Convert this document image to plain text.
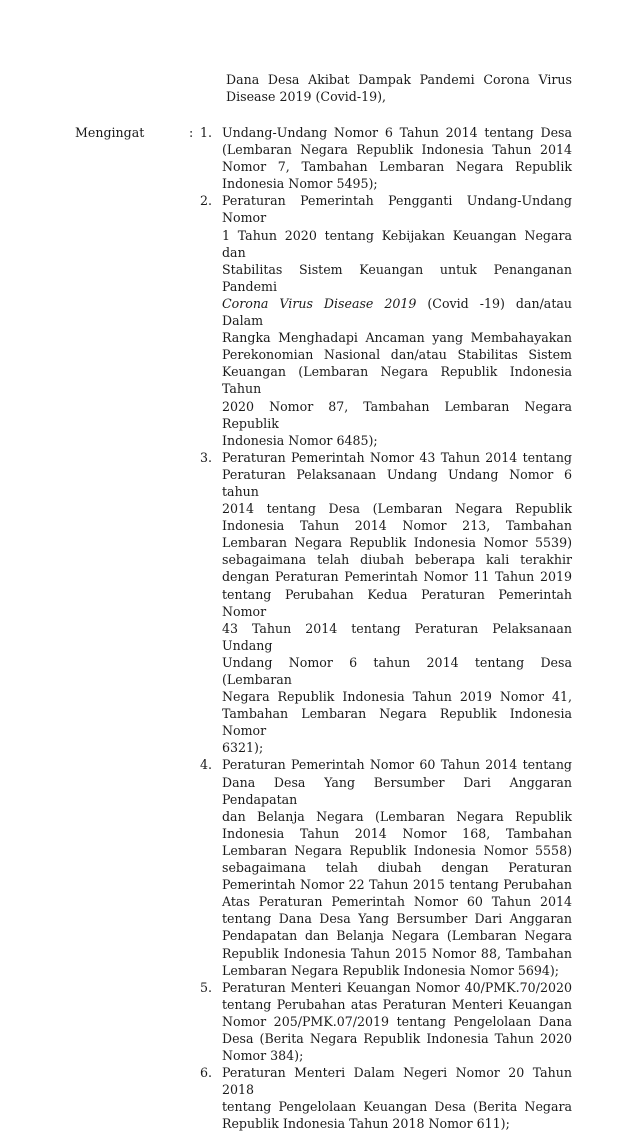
Dana Desa Akibat Dampak Pandemi Corona Virus
Disease 2019 (Covid-19),
Mengingat	: 1. Undang-Undang Nomor 6 Tahun 2014 tentang Desa
(Lembaran Negara Republik Indonesia Tahun 2014
Nomor 7, Tambahan Lembaran Negara Republik
Indonesia Nomor 5495);
2. Peraturan Pemerintah Pengganti Undang-Undang Nomor
1 Tahun 2020 tentang Kebijakan Keuangan Negara dan
Stabilitas Sistem Keuangan untuk Penanganan Pandemi
Corona Virus Disease 2019 (Covid -19) dan/atau Dalam
Rangka Menghadapi Ancaman yang Membahayakan
Perekonomian Nasional dan/atau Stabilitas Sistem
Keuangan (Lembaran Negara Republik Indonesia Tahun
2020 Nomor 87, Tambahan Lembaran Negara Republik
Indonesia Nomor 6485);
3. Peraturan Pemerintah Nomor 43 Tahun 2014 tentang
Peraturan Pelaksanaan Undang Undang Nomor 6 tahun
2014 tentang Desa (Lembaran Negara Republik
Indonesia Tahun 2014 Nomor 213, Tambahan
Lembaran Negara Republik Indonesia Nomor 5539)
sebagaimana telah diubah beberapa kali terakhir
dengan Peraturan Pemerintah Nomor 11 Tahun 2019
tentang Perubahan Kedua Peraturan Pemerintah Nomor
43 Tahun 2014 tentang Peraturan Pelaksanaan Undang
Undang Nomor 6 tahun 2014 tentang Desa (Lembaran
Negara Republik Indonesia Tahun 2019 Nomor 41,
Tambahan Lembaran Negara Republik Indonesia Nomor
6321);
4. Peraturan Pemerintah Nomor 60 Tahun 2014 tentang
Dana Desa Yang Bersumber Dari Anggaran Pendapatan
dan Belanja Negara (Lembaran Negara Republik
Indonesia Tahun 2014 Nomor 168, Tambahan
Lembaran Negara Republik Indonesia Nomor 5558)
sebagaimana telah diubah dengan Peraturan
Pemerintah Nomor 22 Tahun 2015 tentang Perubahan
Atas Peraturan Pemerintah Nomor 60 Tahun 2014
tentang Dana Desa Yang Bersumber Dari Anggaran
Pendapatan dan Belanja Negara (Lembaran Negara
Republik Indonesia Tahun 2015 Nomor 88, Tambahan
Lembaran Negara Republik Indonesia Nomor 5694);
5. Peraturan Menteri Keuangan Nomor 40/PMK.70/2020
tentang Perubahan atas Peraturan Menteri Keuangan
Nomor 205/PMK.07/2019 tentang Pengelolaan Dana
Desa (Berita Negara Republik Indonesia Tahun 2020
Nomor 384);
6. Peraturan Menteri Dalam Negeri Nomor 20 Tahun 2018
tentang Pengelolaan Keuangan Desa (Berita Negara
Republik Indonesia Tahun 2018 Nomor 611);
